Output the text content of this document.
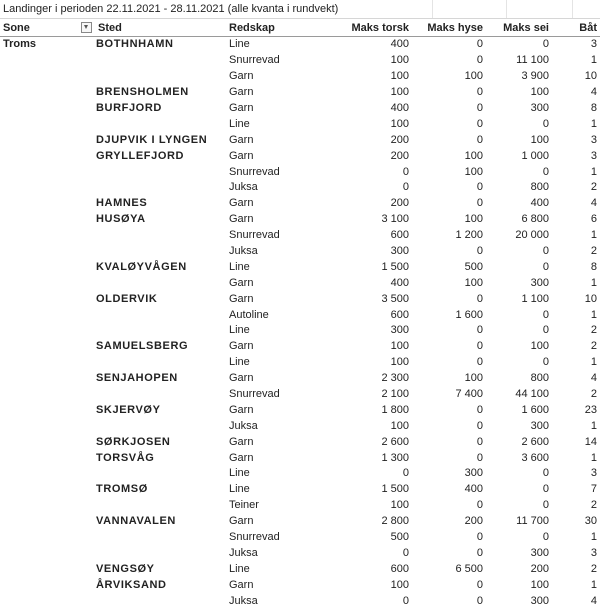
Landinger i perioden 22.11.2021 - 28.11.2021 (alle kvanta i rundvekt)
Sone	Sted	Redskap	Maks torsk	Maks hyse	Maks sei	Båt
Troms	BOTHNHAMN	Line	400	0	0	3
		Snurrevad	100	0	11 100	1
		Garn	100	100	3 900	10
	BRENSHOLMEN	Garn	100	0	100	4
	BURFJORD	Garn	400	0	300	8
		Line	100	0	0	1
	DJUPVIK I LYNGEN	Garn	200	0	100	3
	GRYLLEFJORD	Garn	200	100	1 000	3
		Snurrevad	0	100	0	1
		Juksa	0	0	800	2
	HAMNES	Garn	200	0	400	4
	HUSØYA	Garn	3 100	100	6 800	6
		Snurrevad	600	1 200	20 000	1
		Juksa	300	0	0	2
	KVALØYVÅGEN	Line	1 500	500	0	8
		Garn	400	100	300	1
	OLDERVIK	Garn	3 500	0	1 100	10
		Autoline	600	1 600	0	1
		Line	300	0	0	2
	SAMUELSBERG	Garn	100	0	100	2
		Line	100	0	0	1
	SENJAHOPEN	Garn	2 300	100	800	4
		Snurrevad	2 100	7 400	44 100	2
	SKJERVØY	Garn	1 800	0	1 600	23
		Juksa	100	0	300	1
	SØRKJOSEN	Garn	2 600	0	2 600	14
	TORSVÅG	Garn	1 300	0	3 600	1
		Line	0	300	0	3
	TROMSØ	Line	1 500	400	0	7
		Teiner	100	0	0	2
	VANNAVALEN	Garn	2 800	200	11 700	30
		Snurrevad	500	0	0	1
		Juksa	0	0	300	3
	VENGSØY	Line	600	6 500	200	2
	ÅRVIKSAND	Garn	100	0	100	1
		Juksa	0	0	300	4
